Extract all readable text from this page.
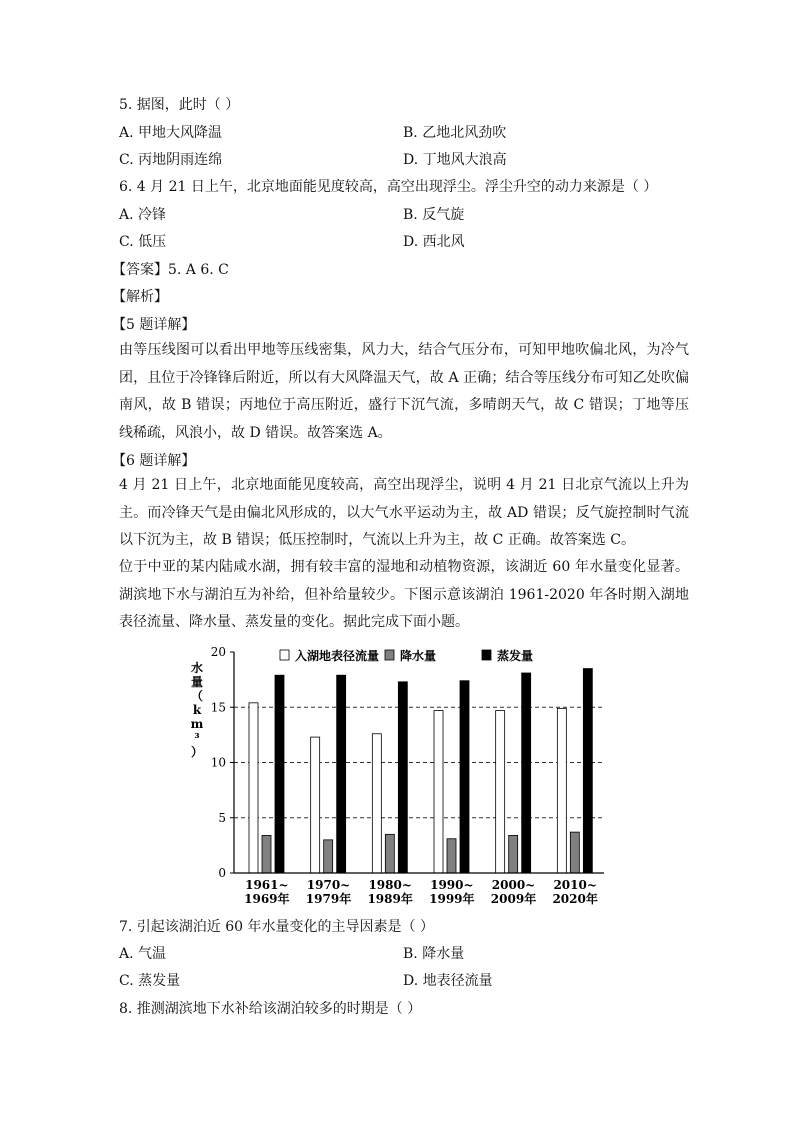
5. 据图，此时（ ）
A. 甲地大风降温	B. 乙地北风劲吹
C. 丙地阴雨连绵	D. 丁地风大浪高
6. 4 月 21 日上午，北京地面能见度较高，高空出现浮尘。浮尘升空的动力来源是（ ）
A. 冷锋	B. 反气旋
C. 低压	D. 西北风
【答案】5. A 6. C
【解析】
【5 题详解】
由等压线图可以看出甲地等压线密集，风力大，结合气压分布，可知甲地吹偏北风，为冷气团，且位于冷锋锋后附近，所以有大风降温天气，故 A 正确；结合等压线分布可知乙处吹偏南风，故 B 错误；丙地位于高压附近，盛行下沉气流，多晴朗天气，故 C 错误；丁地等压线稀疏，风浪小，故 D 错误。故答案选 A。
【6 题详解】
4 月 21 日上午，北京地面能见度较高，高空出现浮尘，说明 4 月 21 日北京气流以上升为主。而冷锋天气是由偏北风形成的，以大气水平运动为主，故 AD 错误；反气旋控制时气流以下沉为主，故 B 错误；低压控制时，气流以上升为主，故 C 正确。故答案选 C。
位于中亚的某内陆咸水湖，拥有较丰富的湿地和动植物资源，该湖近 60 年水量变化显著。湖滨地下水与湖泊互为补给，但补给量较少。下图示意该湖泊 1961-2020 年各时期入湖地表径流量、降水量、蒸发量的变化。据此完成下面小题。
0
5
10
15
20
1961~
1969年
1970~
1979年
1980~
1989年
1990~
1999年
2000~
2009年
2010~
2020年
入湖地表径流量 降水量	蒸发量
水
量
（
k
m
³
）
7. 引起该湖泊近 60 年水量变化的主导因素是（ ）
A. 气温	B. 降水量
C. 蒸发量	D. 地表径流量
8. 推测湖滨地下水补给该湖泊较多的时期是（ ）
